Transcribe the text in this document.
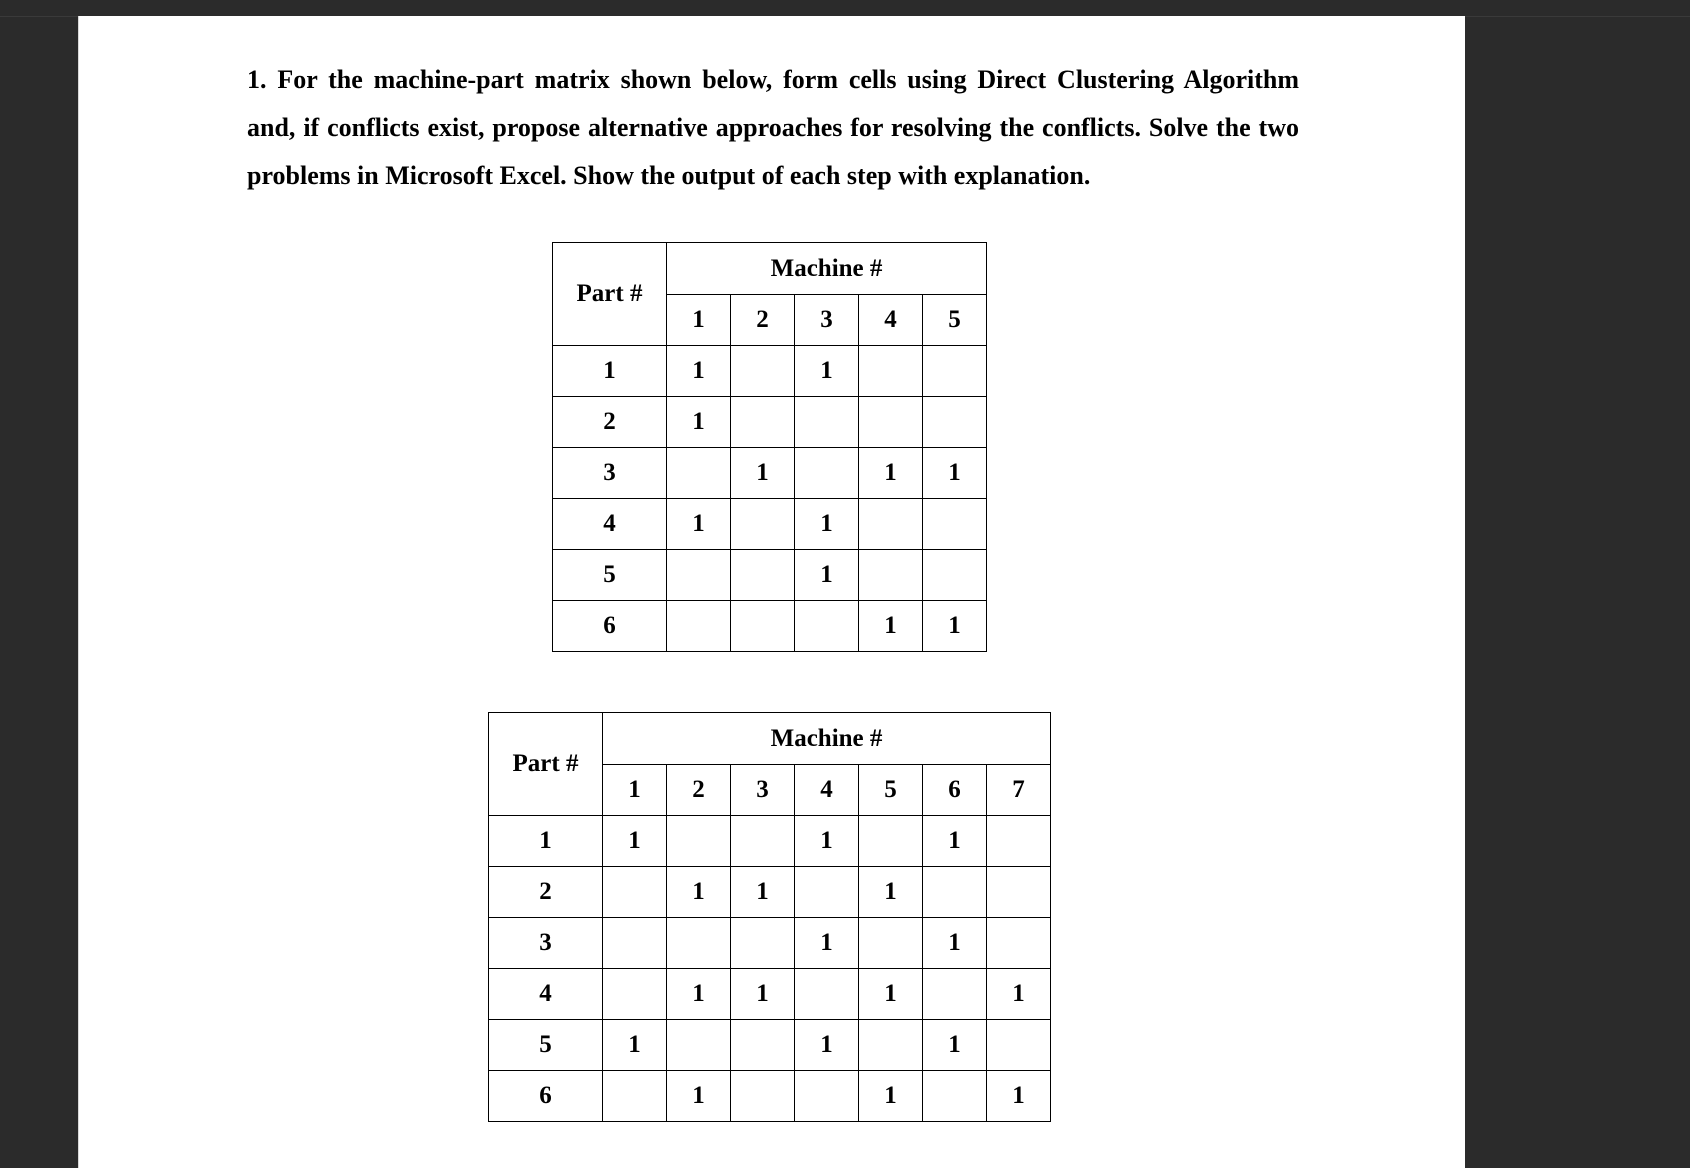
1. For the machine-part matrix shown below, form cells using Direct Clustering Algorithm and, if conflicts exist, propose alternative approaches for resolving the conflicts. Solve the two problems in Microsoft Excel. Show the output of each step with explanation.

Part #	Machine #				
	1	2	3	4	5
1	1		1		
2	1				
3		1		1	1
4	1		1		
5			1		
6				1	1
Part #	Machine #						
	1	2	3	4	5	6	7
1	1			1		1	
2		1	1		1		
3				1		1	
4		1	1		1		1
5	1			1		1	
6		1			1		1
